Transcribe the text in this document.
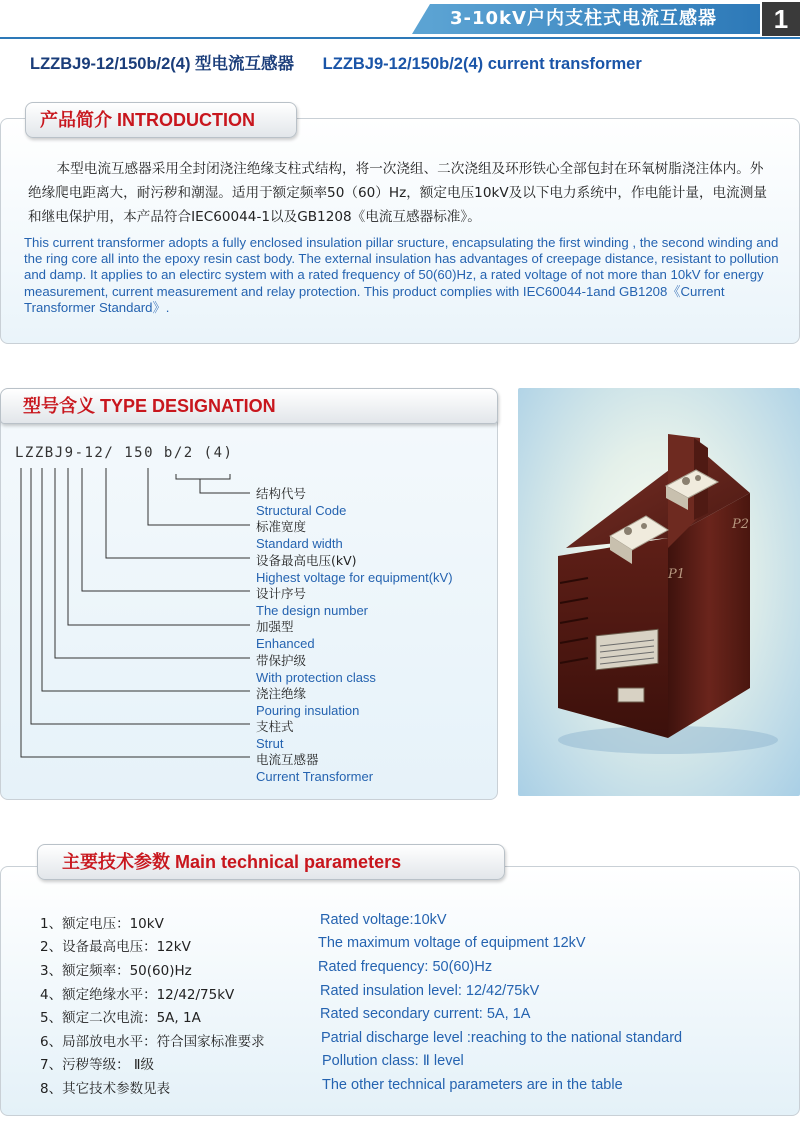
3-10kV户内支柱式电流互感器	1
LZZBJ9-12/150b/2(4) 型电流互感器 LZZBJ9-12/150b/2(4) current transformer
产品简介 INTRODUCTION

本型电流互感器采用全封闭浇注绝缘支柱式结构，将一次浇组、二次浇组及环形铁心全部包封在环氧树脂浇注体内。外绝缘爬电距离大，耐污秽和潮湿。适用于额定频率50（60）Hz，额定电压10kV及以下电力系统中，作电能计量，电流测量和继电保护用，本产品符合IEC60044-1以及GB1208《电流互感器标准》。

This current transformer adopts a fully enclosed insulation pillar sructure, encapsulating the first winding , the second winding and the ring core all into the epoxy resin cast body. The external insulation has advantages of creepage distance, resistant to pollution and damp. It applies to an electirc system with a rated frequency of 50(60)Hz, a rated voltage of not more than 10kV for energy measurement, current measurement and relay protection. This product complies with IEC60044-1and GB1208《Current Transformer Standard》.
型号含义 TYPE DESIGNATION
LZZBJ9-12/ 150 b/2 (4)
结构代号
Structural Code
标准宽度
Standard width
设备最高电压(kV)
Highest voltage for equipment(kV)
设计序号
The design number
加强型
Enhanced
带保护级
With protection class
浇注绝缘
Pouring insulation
支柱式
Strut
电流互感器
Current Transformer
P1
P2
主要技术参数 Main technical parameters
1、额定电压：10kV	Rated voltage:10kV
2、设备最高电压：12kV	The maximum voltage of equipment 12kV
3、额定频率：50(60)Hz	Rated frequency: 50(60)Hz
4、额定绝缘水平：12/42/75kV	Rated insulation level: 12/42/75kV
5、额定二次电流：5A, 1A	Rated secondary current: 5A, 1A
6、局部放电水平：符合国家标准要求	Patrial discharge level :reaching to the national standard
7、污秽等级： Ⅱ级	Pollution class: Ⅱ level
8、其它技术参数见表	The other technical parameters are in the table
